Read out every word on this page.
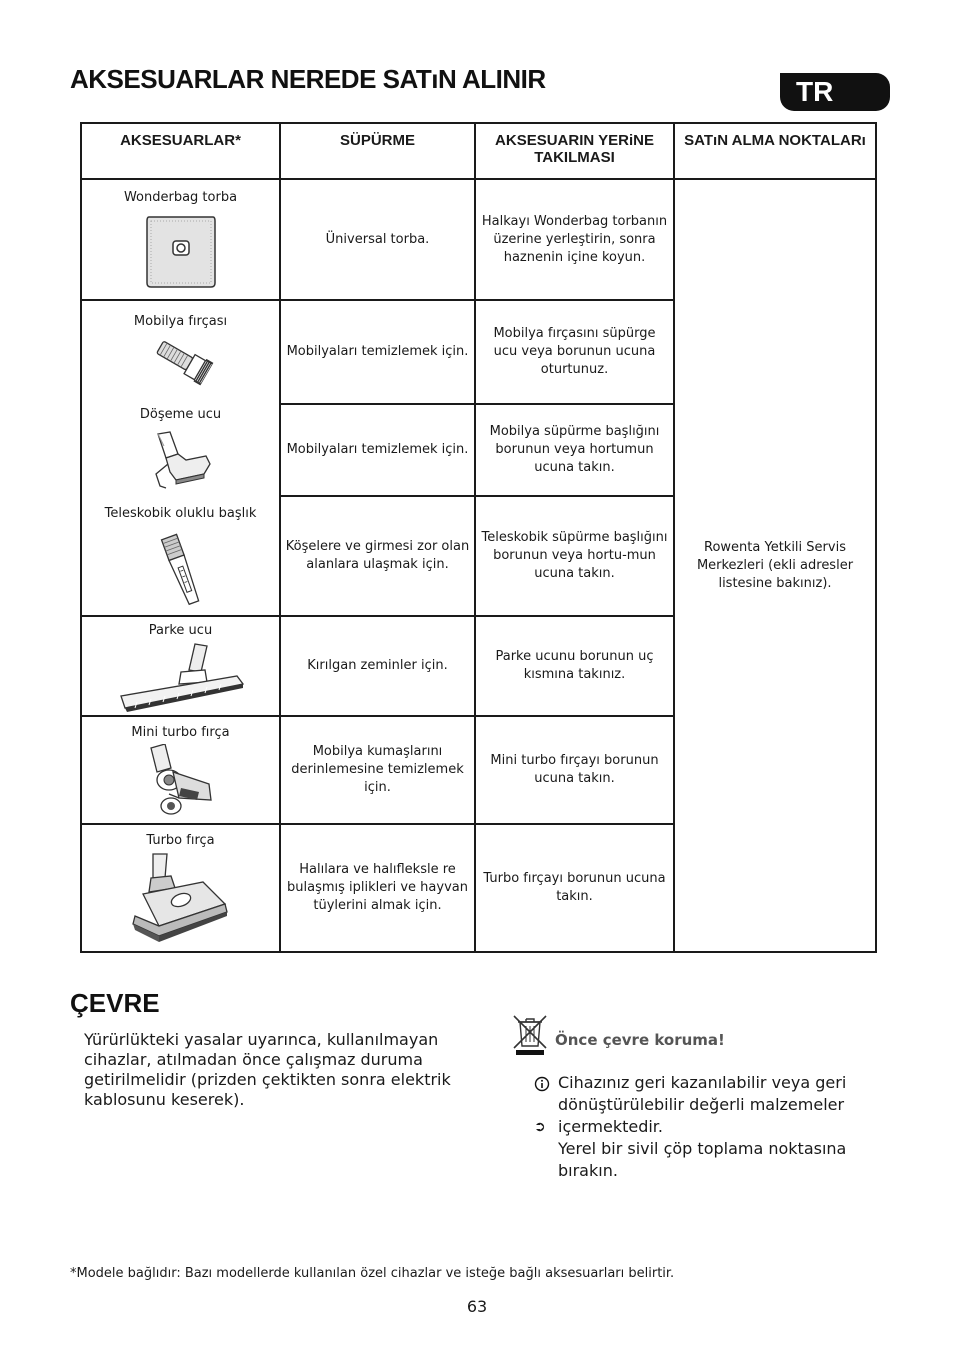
AKSESUARLAR NEREDE SATıN ALINIR	TR
AKSESUARLAR*	SÜPÜRME	AKSESUARIN YERiNE TAKILMASI	SATıN ALMA NOKTALARı

Wonderbag torba	Üniversal torba.	Halkayı Wonderbag torbanın üzerine yerleştirin, sonra haznenin içine koyun.	Rowenta Yetkili Servis Merkezleri (ekli adresler listesine bakınız).

Mobilya fırçası	Mobilyaları temizlemek için.	Mobilya fırçasını süpürge ucu veya borunun ucuna oturtunuz.	

Döşeme ucu	Mobilyaları temizlemek için.	Mobilya süpürme başlığını borunun veya hortumun ucuna takın.	

Teleskobik oluklu başlık	Köşelere ve girmesi zor olan alanlara ulaşmak için.	Teleskobik süpürme başlığını borunun veya hortu-mun ucuna takın.	

Parke ucu	Kırılgan zeminler için.	Parke ucunu borunun uç kısmına takınız.	

Mini turbo fırça	Mobilya kumaşlarını derinlemesine temizlemek için.	Mini turbo fırçayı borunun ucuna takın.	

Turbo fırça	Halılara ve halıfleksle re bulaşmış iplikleri ve hayvan tüylerini almak için.	Turbo fırçayı borunun ucuna takın.	
ÇEVRE
Yürürlükteki yasalar uyarınca, kullanılmayan cihazlar, atılmadan önce çalışmaz duruma getirilmelidir (prizden çektikten sonra elektrik kablosunu keserek).
Önce çevre koruma!
➲
Cihazınız geri kazanılabilir veya geri dönüştürülebilir değerli malzemeler içermektedir.
Yerel bir sivil çöp toplama noktasına bırakın.
*Modele bağlıdır: Bazı modellerde kullanılan özel cihazlar ve isteğe bağlı aksesuarları belirtir.
63
